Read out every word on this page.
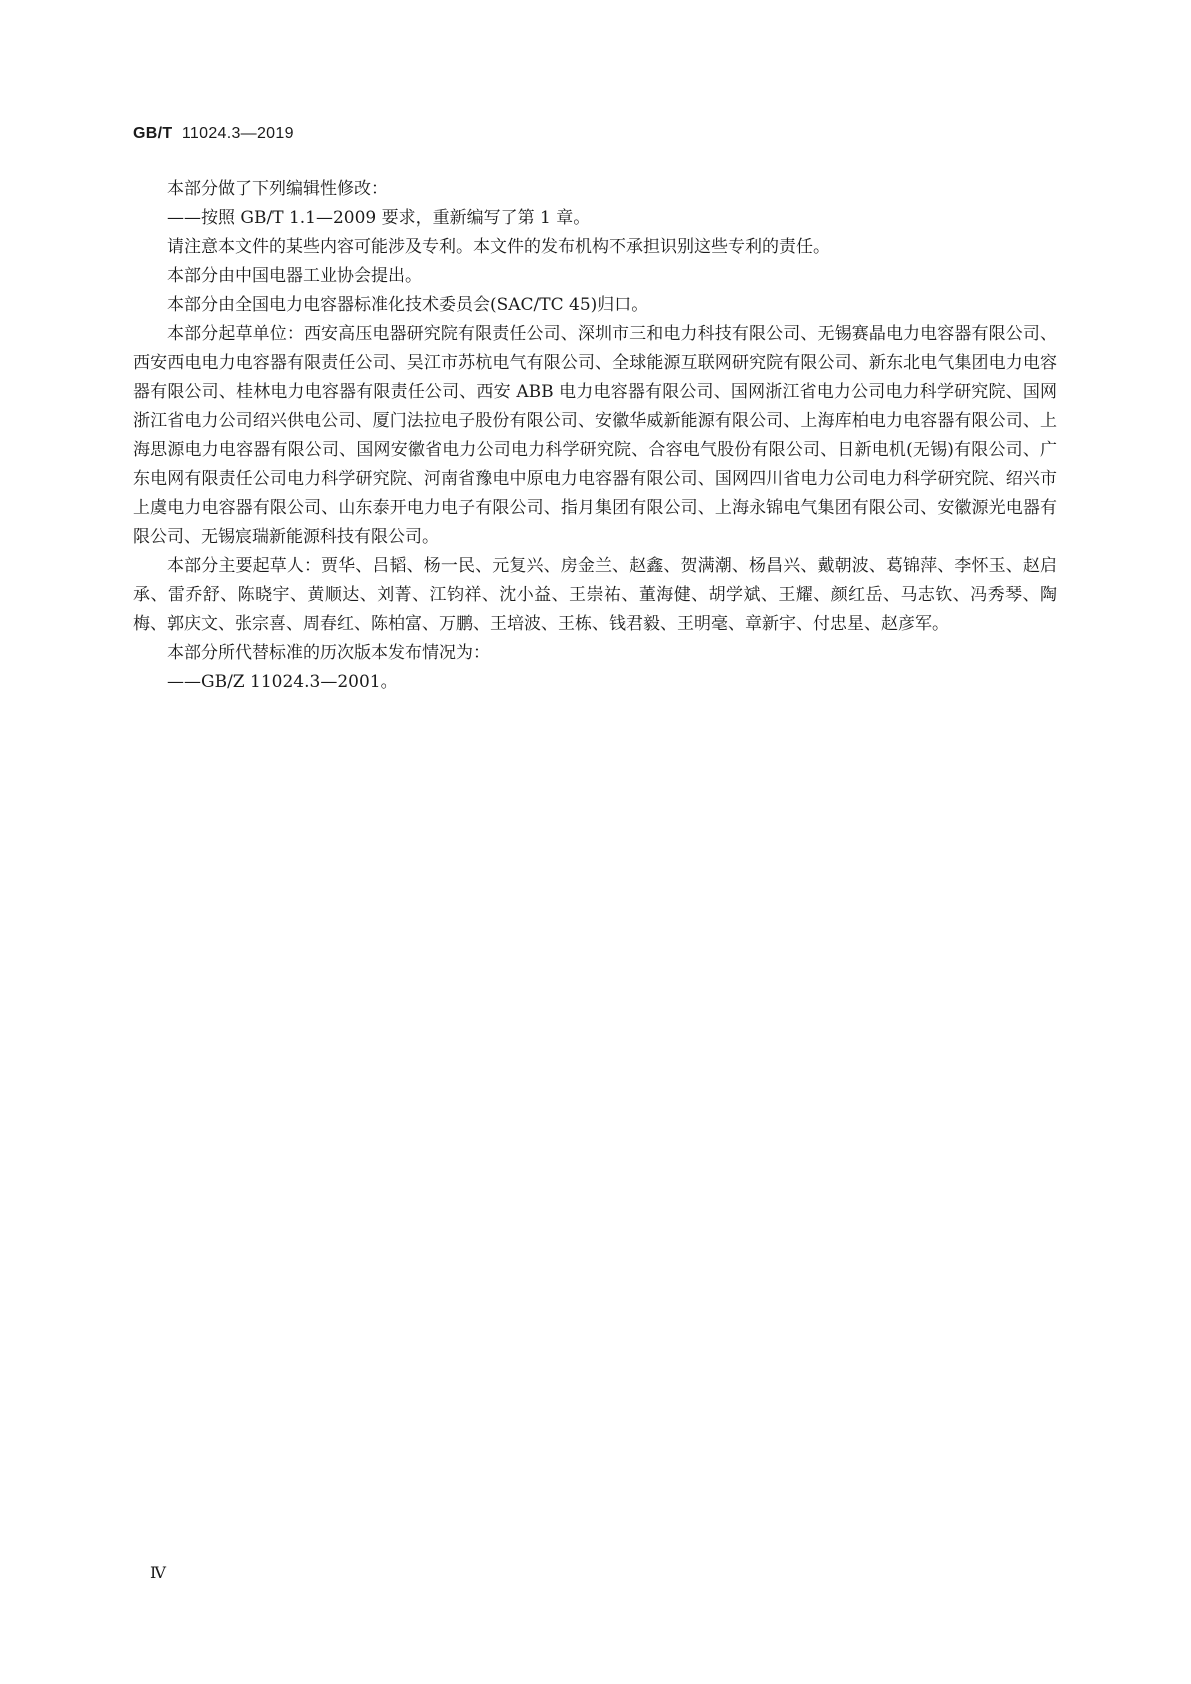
GB/T 11024.3—2019

本部分做了下列编辑性修改：

——按照 GB/T 1.1—2009 要求，重新编写了第 1 章。

请注意本文件的某些内容可能涉及专利。本文件的发布机构不承担识别这些专利的责任。

本部分由中国电器工业协会提出。

本部分由全国电力电容器标准化技术委员会(SAC/TC 45)归口。

本部分起草单位：西安高压电器研究院有限责任公司、深圳市三和电力科技有限公司、无锡赛晶电力电容器有限公司、西安西电电力电容器有限责任公司、吴江市苏杭电气有限公司、全球能源互联网研究院有限公司、新东北电气集团电力电容器有限公司、桂林电力电容器有限责任公司、西安 ABB 电力电容器有限公司、国网浙江省电力公司电力科学研究院、国网浙江省电力公司绍兴供电公司、厦门法拉电子股份有限公司、安徽华威新能源有限公司、上海库柏电力电容器有限公司、上海思源电力电容器有限公司、国网安徽省电力公司电力科学研究院、合容电气股份有限公司、日新电机(无锡)有限公司、广东电网有限责任公司电力科学研究院、河南省豫电中原电力电容器有限公司、国网四川省电力公司电力科学研究院、绍兴市上虞电力电容器有限公司、山东泰开电力电子有限公司、指月集团有限公司、上海永锦电气集团有限公司、安徽源光电器有限公司、无锡宸瑞新能源科技有限公司。

本部分主要起草人：贾华、吕韬、杨一民、元复兴、房金兰、赵鑫、贺满潮、杨昌兴、戴朝波、葛锦萍、李怀玉、赵启承、雷乔舒、陈晓宇、黄顺达、刘菁、江钧祥、沈小益、王崇祐、董海健、胡学斌、王耀、颜红岳、马志钦、冯秀琴、陶梅、郭庆文、张宗喜、周春红、陈柏富、万鹏、王培波、王栋、钱君毅、王明毫、章新宇、付忠星、赵彦军。

本部分所代替标准的历次版本发布情况为：

——GB/Z 11024.3—2001。

Ⅳ
